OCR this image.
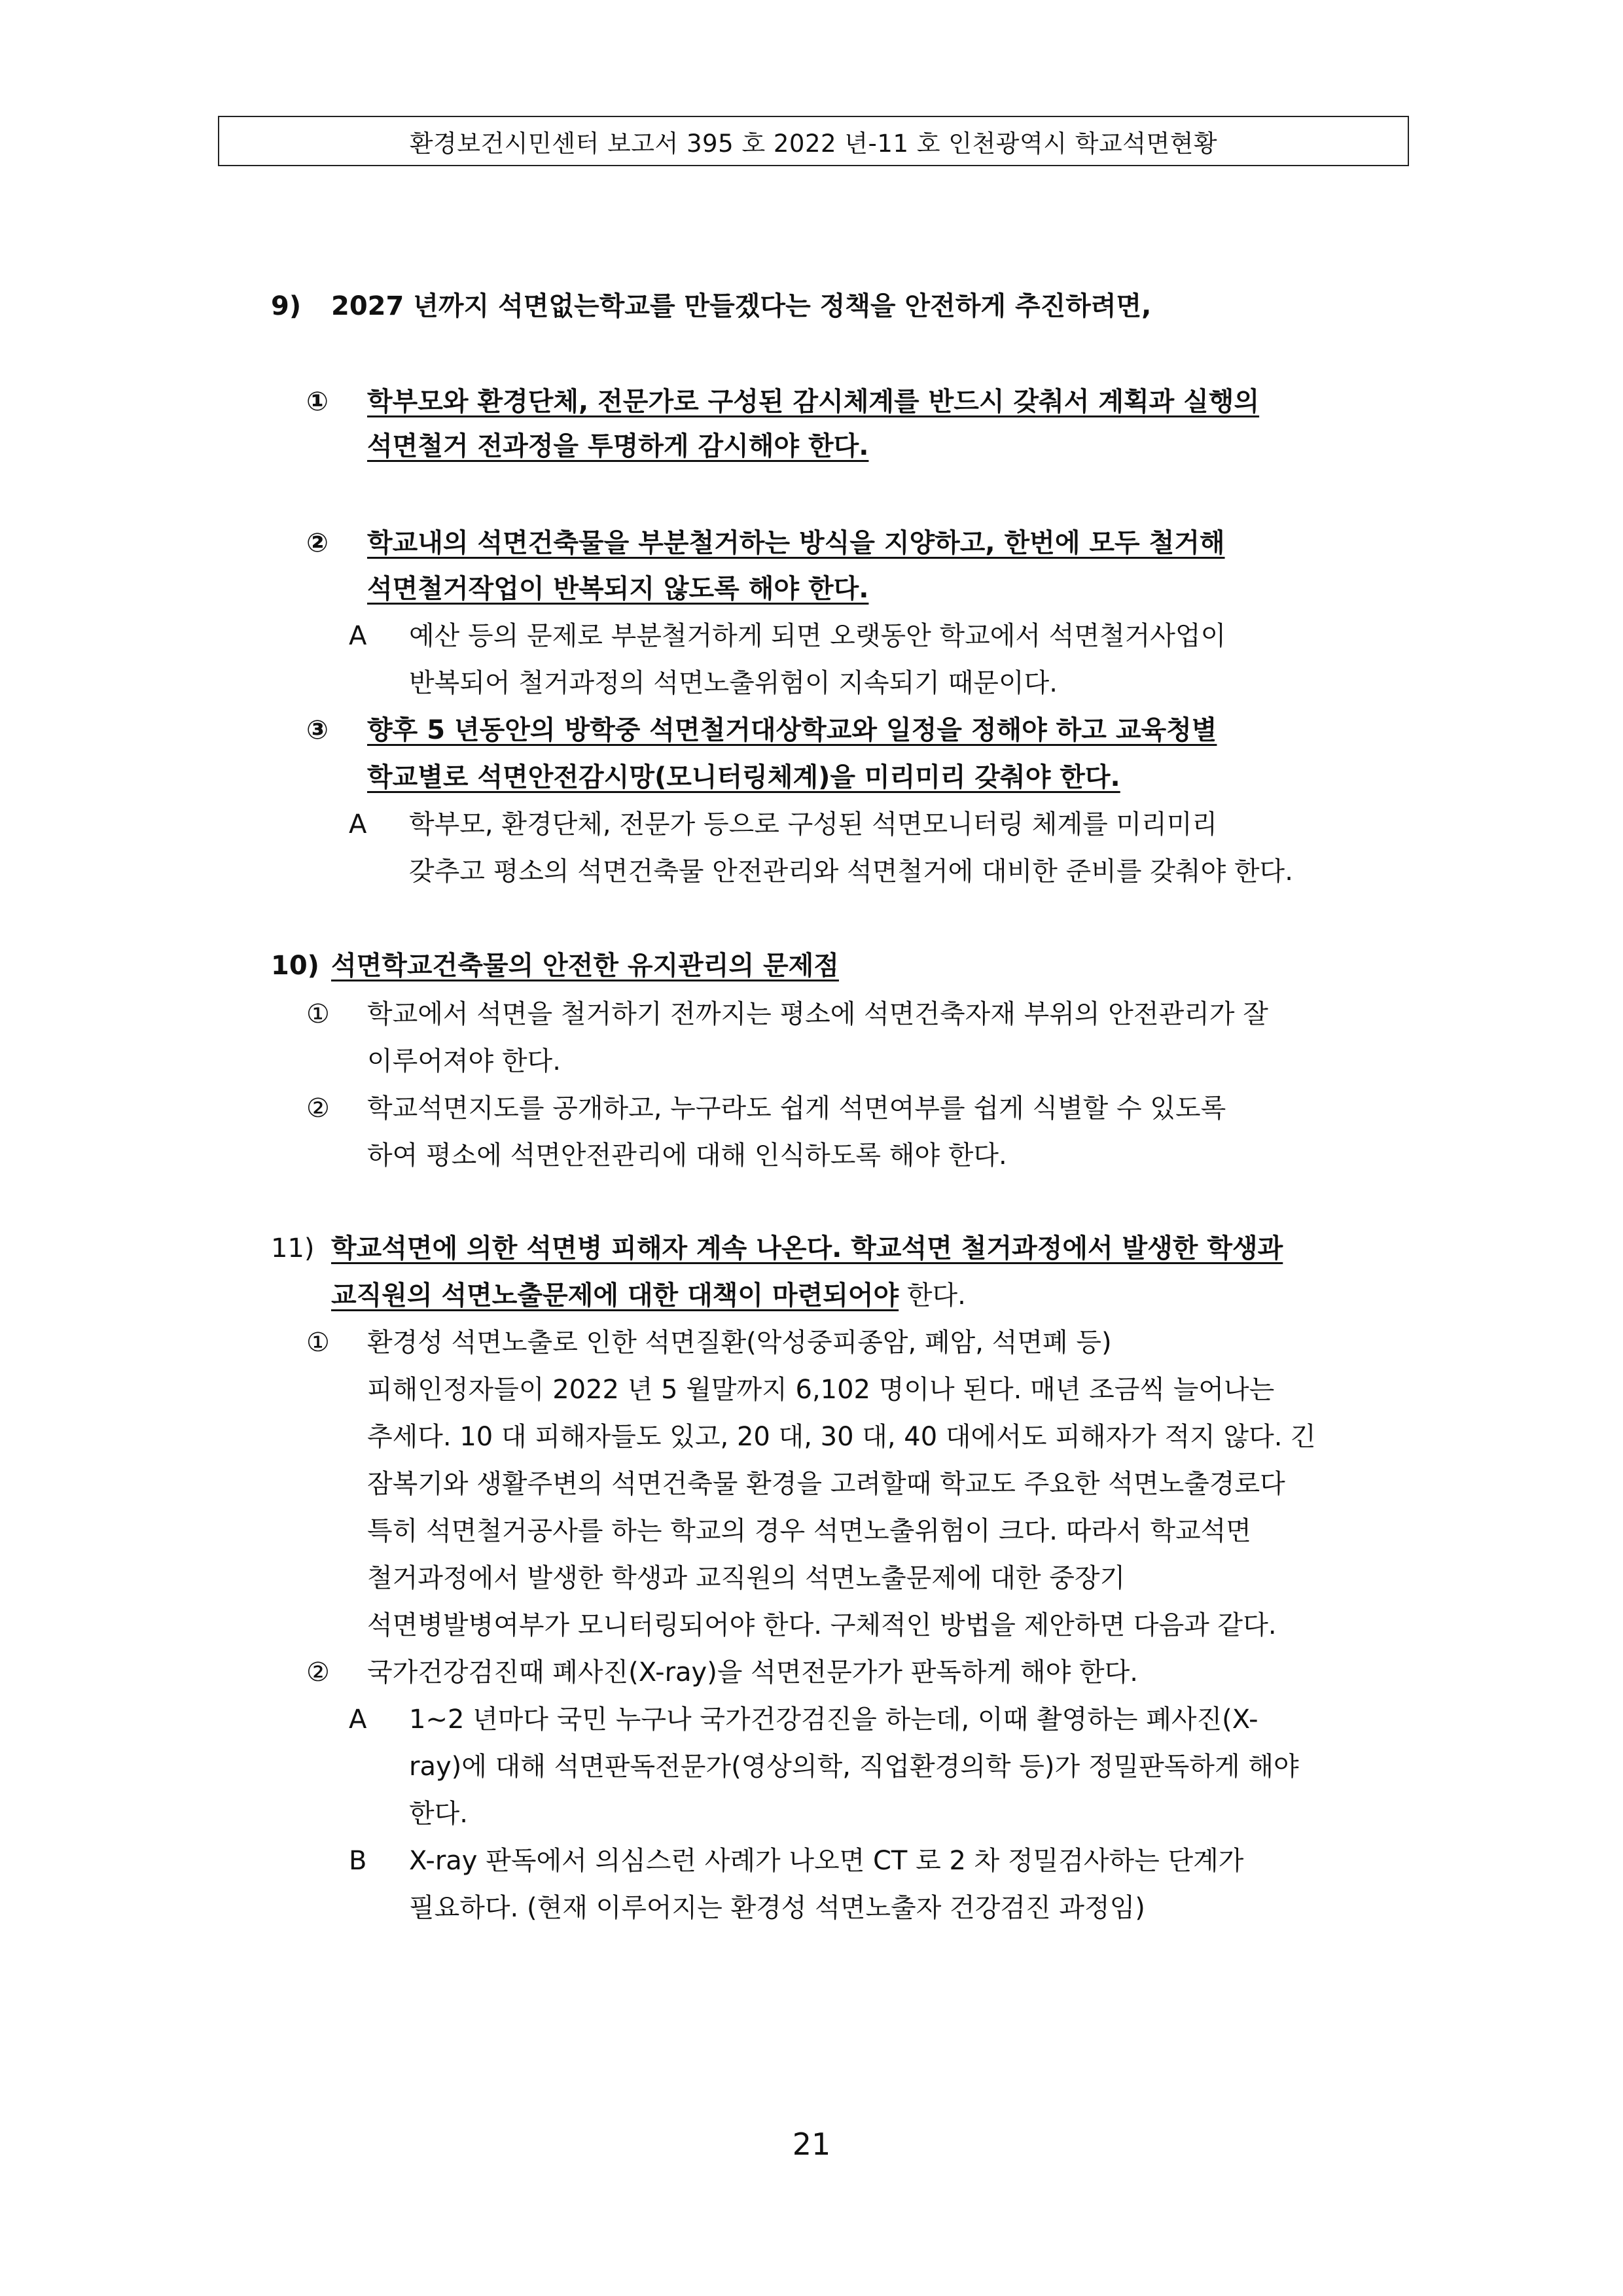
환경보건시민센터 보고서 395 호 2022 년-11 호 인천광역시 학교석면현황
9) 2027 년까지 석면없는학교를 만들겠다는 정책을 안전하게 추진하려면,
① 학부모와 환경단체, 전문가로 구성된 감시체계를 반드시 갖춰서 계획과 실행의
석면철거 전과정을 투명하게 감시해야 한다.
② 학교내의 석면건축물을 부분철거하는 방식을 지양하고, 한번에 모두 철거해
석면철거작업이 반복되지 않도록 해야 한다.
A 예산 등의 문제로 부분철거하게 되면 오랫동안 학교에서 석면철거사업이
반복되어 철거과정의 석면노출위험이 지속되기 때문이다.
③ 향후 5 년동안의 방학중 석면철거대상학교와 일정을 정해야 하고 교육청별
학교별로 석면안전감시망(모니터링체계)을 미리미리 갖춰야 한다.
A 학부모, 환경단체, 전문가 등으로 구성된 석면모니터링 체계를 미리미리
갖추고 평소의 석면건축물 안전관리와 석면철거에 대비한 준비를 갖춰야 한다.
10) 석면학교건축물의 안전한 유지관리의 문제점
① 학교에서 석면을 철거하기 전까지는 평소에 석면건축자재 부위의 안전관리가 잘
이루어져야 한다.
② 학교석면지도를 공개하고, 누구라도 쉽게 석면여부를 쉽게 식별할 수 있도록
하여 평소에 석면안전관리에 대해 인식하도록 해야 한다.
11) 학교석면에 의한 석면병 피해자 계속 나온다. 학교석면 철거과정에서 발생한 학생과
교직원의 석면노출문제에 대한 대책이 마련되어야 한다.
① 환경성 석면노출로 인한 석면질환(악성중피종암, 폐암, 석면폐 등)
피해인정자들이 2022 년 5 월말까지 6,102 명이나 된다. 매년 조금씩 늘어나는
추세다. 10 대 피해자들도 있고, 20 대, 30 대, 40 대에서도 피해자가 적지 않다. 긴
잠복기와 생활주변의 석면건축물 환경을 고려할때 학교도 주요한 석면노출경로다
특히 석면철거공사를 하는 학교의 경우 석면노출위험이 크다. 따라서 학교석면
철거과정에서 발생한 학생과 교직원의 석면노출문제에 대한 중장기
석면병발병여부가 모니터링되어야 한다. 구체적인 방법을 제안하면 다음과 같다.
② 국가건강검진때 폐사진(X-ray)을 석면전문가가 판독하게 해야 한다.
A 1~2 년마다 국민 누구나 국가건강검진을 하는데, 이때 촬영하는 폐사진(X-
ray)에 대해 석면판독전문가(영상의학, 직업환경의학 등)가 정밀판독하게 해야
한다.
B X-ray 판독에서 의심스런 사례가 나오면 CT 로 2 차 정밀검사하는 단계가
필요하다. (현재 이루어지는 환경성 석면노출자 건강검진 과정임)
21
